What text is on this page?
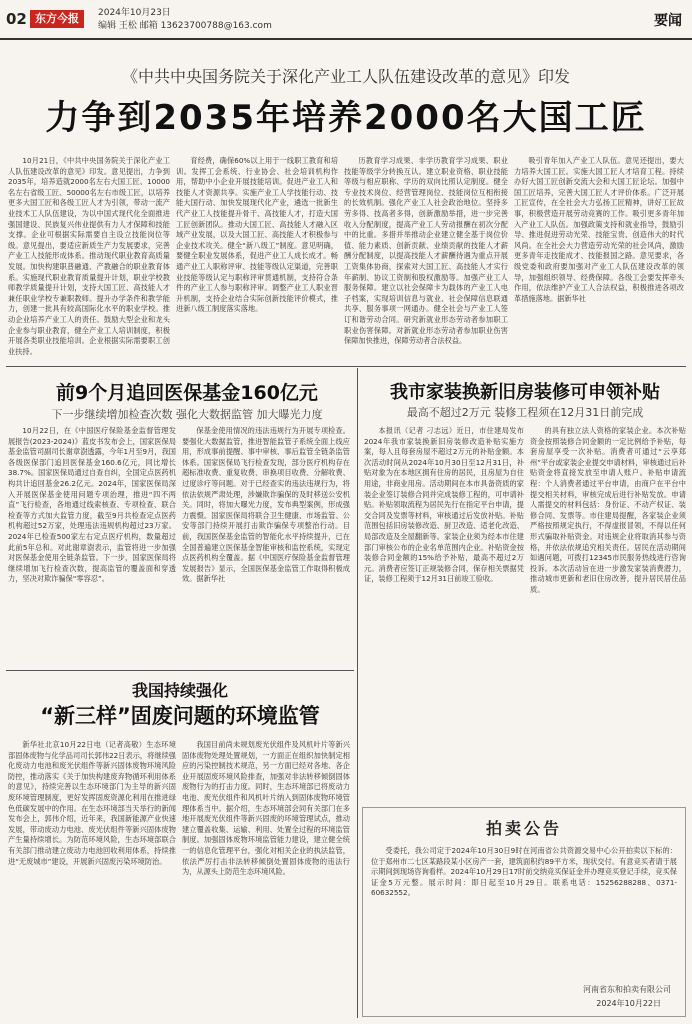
02 东方今报	2024年10月23日
编辑 王松 邮箱 13623700788@163.com	要闻
《中共中央国务院关于深化产业工人队伍建设改革的意见》印发
力争到2035年培养2000名大国工匠

10月21日，《中共中央国务院关于深化产业工人队伍建设改革的意见》印发。意见提出，力争到2035年，培养造就2000名左右大国工匠、10000名左右省级工匠、50000名左右市级工匠，以培养更多大国工匠和各级工匠人才为引领，带动一流产业技术工人队伍建设，为以中国式现代化全面推进强国建设、民族复兴伟业提供有力人才保障和技能支撑。企业可根据实际需要自主设立技能岗位等级。意见提出，要适应新质生产力发展要求，完善产业工人技能形成体系。推动现代职业教育高质量发展。加快构建职普融通、产教融合的职业教育体系。实施现代职业教育质量提升计划，职业学校教师教学质量提升计划，支持大国工匠、高技能人才兼任职业学校专兼职教师。提升办学条件和教学能力，创建一批具有较高国际化水平的职业学校。推动企业培养产业工人的责任。鼓励大型企业和龙头企业参与职业教育，健全产业工人培训制度，积极开展各类职业技能培训。企业根据实际需要职工创业扶持。

育经费，确保60%以上用于一线职工教育和培训。发挥工会系统、行业协会、社会培训机构作用，帮助中小企业开展技能培训。促进产业工人和技能人才资源共享。实施产业工人学技能行动、技能大国行动、加快发展现代化产业，遴选一批新生代产业工人技能提升骨干、高技能人才，打造大国工匠创新团队。推动大国工匠、高技能人才融入区域产业发展，以及大国工匠、高技能人才积极参与企业技术攻关。健全“新八级工”制度。意见明确，要健全职业发展体系，促进产业工人成长成才。畅通产业工人职称评审、技能等级认定渠道，完善职业技能等级认定与职称评审贯通机制，支持符合条件的产业工人参与职称评审。调整产业工人职业晋升机制，支持企业结合实际创新技能评价模式，推进新八级工制度落实落地。

历教育学习成果、非学历教育学习成果、职业技能等级学分转换互认。建立职业资格、职业技能等级与相应职称、学历的双向比照认定制度。健全专业技术岗位、经营管理岗位、技能岗位互相衔接的长效机制。强化产业工人社会政治地位。坚持多劳多得、技高者多得，创新激励举措，进一步完善收入分配制度，提高产业工人劳动报酬在初次分配中的比重。多措并举推动企业建立健全基于岗位价值、能力素质、创新贡献、业绩贡献的技能人才薪酬分配制度，以提高技能人才薪酬待遇为重点开展工资集体协商，探索对大国工匠、高技能人才实行年薪制、协议工资制和股权激励等。加强产业工人服务保障。建立以社会保障卡为载体的产业工人电子档案，实现培训信息与就业、社会保障信息联通共享、服务事项一网通办。健全社会与产业工人签订和谐劳动合同。研究新就业形态劳动者参加职工职业伤害保障。对新就业形态劳动者参加职业伤害保障加快推进，保障劳动者合法权益。

吸引青年加入产业工人队伍。意见还提出，要大力培养大国工匠。实施大国工匠人才培育工程。持续办好大国工匠创新交流大会和大国工匠论坛。加强中国工匠培养，完善大国工匠人才评价体系。广泛开展工匠宣传，在全社会大力弘扬工匠精神，讲好工匠故事，积极营造开展劳动竞赛的工作。吸引更多青年加入产业工人队伍。加强政策支持和就业指导，鼓励引导、推进促进劳动光荣、技能宝贵、创造伟大的时代风尚。在全社会大力营造劳动光荣的社会风尚，激励更多青年走技能成才、技能报国之路。意见要求，各级党委和政府要加强对产业工人队伍建设改革的领导，加强组织领导、经费保障。各级工会要发挥牵头作用，依法维护产业工人合法权益，积极推进各项改革措施落地。据新华社

前9个月追回医保基金160亿元
下一步继续增加检查次数 强化大数据监管 加大曝光力度

10月22日，在《中国医疗保险基金监督管理发展报告(2023-2024)》蓝皮书发布会上，国家医保局基金监管司副司长谢章澍透露，今年1月至9月，我国各级医保部门追回医保基金160.6亿元，同比增长38.7%。国家医保局通过自查自纠，全国定点医药机构共计追回基金26.2亿元。2024年，国家医保局深入开展医保基金使用问题专项治理，推进“四不两直”飞行检查，各地通过线索核查、专项检查、联合检查等方式加大监管力度，截至9月共检查定点医药机构超过52万家，处理违法违规机构超过23万家。2024年已检查500家左右定点医疗机构，数量超过此前5年总和。对此谢章澍表示，监管将进一步加强对医保基金使用全链条监管。下一步，国家医保局将继续增加飞行检查次数，提高监管的覆盖面和穿透力，坚决对欺诈骗保“零容忍”。

保基金使用情况的违法违规行为开展专项检查。要强化大数据监管，推进智能监管子系统全面上线应用，形成事前提醒、事中审核、事后监管全链条监管体系。国家医保局飞行检查发现，部分医疗机构存在超标准收费、重复收费、串换项目收费、分解收费、过度诊疗等问题。对于已经查实的违法违规行为，将依法依规严肃处理，涉嫌欺诈骗保的及时移送公安机关。同时，将加大曝光力度，发布典型案例，形成强力震慑。国家医保局将联合卫生健康、市场监管、公安等部门持续开展打击欺诈骗保专项整治行动。目前，我国医保基金监管的智能化水平持续提升，已在全国普遍建立医保基金智能审核和监控系统，实现定点医药机构全覆盖。据《中国医疗保险基金监督管理发展报告》显示，全国医保基金监管工作取得积极成效。据新华社

我国持续强化
“新三样”固废问题的环境监管

新华社北京10月22日电（记者高敬）生态环境部固体废物与化学品司司长郭伟22日表示，将继续强化废动力电池和废光伏组件等新兴固体废物环境风险防控，推动落实《关于加快构建废弃物循环利用体系的意见》，持续完善以生态环境部门为主导的新兴固废环境管理制度，更好发挥固废资源化利用在推进绿色低碳发展中的作用。在生态环境部当天举行的新闻发布会上，郭伟介绍，近年来，我国新能源产业快速发展，带动废动力电池、废光伏组件等新兴固体废物产生量持续增长。为防范环境风险，生态环境部联合有关部门推动建立废动力电池回收利用体系，持续推进“无废城市”建设，开展新兴固废污染环境防治。

我国目前尚未规划废光伏组件及风机叶片等新兴固体废物处理处置规划，一方面正在组织加快制定相应的污染控制技术规范，另一方面已经对各地、各企业开展固废环境风险排查，加强对非法转移倾倒固体废物行为的打击力度。同时，生态环境部已将废动力电池、废光伏组件和风机叶片纳入到固体废物环境管理体系当中。据介绍，生态环境部会同有关部门在多地开展废光伏组件等新兴固废的环境管理试点，推动建立覆盖收集、运输、利用、处置全过程的环境监管制度。加强固体废物环境监管能力建设，建立健全统一的信息化管理平台，强化对相关企业的执法监管，依法严厉打击非法转移倾倒处置固体废物的违法行为，从源头上防范生态环境风险。

我市家装换新旧房装修可申领补贴
最高不超过2万元 装修工程须在12月31日前完成

本报讯（记者 刁志远）近日，市住建局发布2024年我市家装换新旧房装修改造补贴实施方案，每人且每套房屋不超过2万元的补贴金额。本次活动时间从2024年10月30日至12月31日，补贴对象为在本地区拥有住房的居民，且房屋为自住用途，非商业用房。活动期间在本市具备资质的家装企业签订装修合同并完成装修工程的，可申请补贴。补贴领取流程为居民先行在指定平台申请，提交合同及发票等材料，审核通过后发放补贴。补贴范围包括旧房装修改造、厨卫改造、适老化改造、局部改造及全屋翻新等。家装企业须为经本市住建部门审核公布的企业名单范围内企业。补贴资金按装修合同金额的15%给予补贴，最高不超过2万元。消费者应签订正规装修合同，保存相关票据凭证，装修工程须于12月31日前竣工验收。

的具有独立法人资格的家装企业。本次补贴资金按照装修合同金额的一定比例给予补贴，每套房屋享受一次补贴。消费者可通过“云享郑州”平台或家装企业提交申请材料，审核通过后补贴资金将直接发放至申请人账户。补贴申请流程：个人消费者通过平台申请，由商户在平台中提交相关材料，审核完成后进行补贴发放。申请人需提交的材料包括：身份证、不动产权证、装修合同、发票等。市住建局提醒，各家装企业须严格按照规定执行，不得虚报冒领，不得以任何形式骗取补贴资金。对违规企业将取消其参与资格，并依法依规追究相关责任。居民在活动期间如遇问题，可拨打12345市民服务热线进行咨询投诉。本次活动旨在进一步激发家装消费潜力，推动城市更新和老旧住房改善，提升居民居住品质。

拍卖公告

受委托，我公司定于2024年10月30日9时在河南省公共资源交易中心公开拍卖以下标的：位于郑州市二七区某路段某小区房产一套，建筑面积约89平方米，现状交付。有意竞买者请于展示期间到现场咨询看样。2024年10月29日17时前交纳竞买保证金并办理竞买登记手续，竞买保证金5万元整。展示时间：即日起至10月29日。联系电话：15256288288、0371-60632552。

河南省东和拍卖有限公司
2024年10月22日
